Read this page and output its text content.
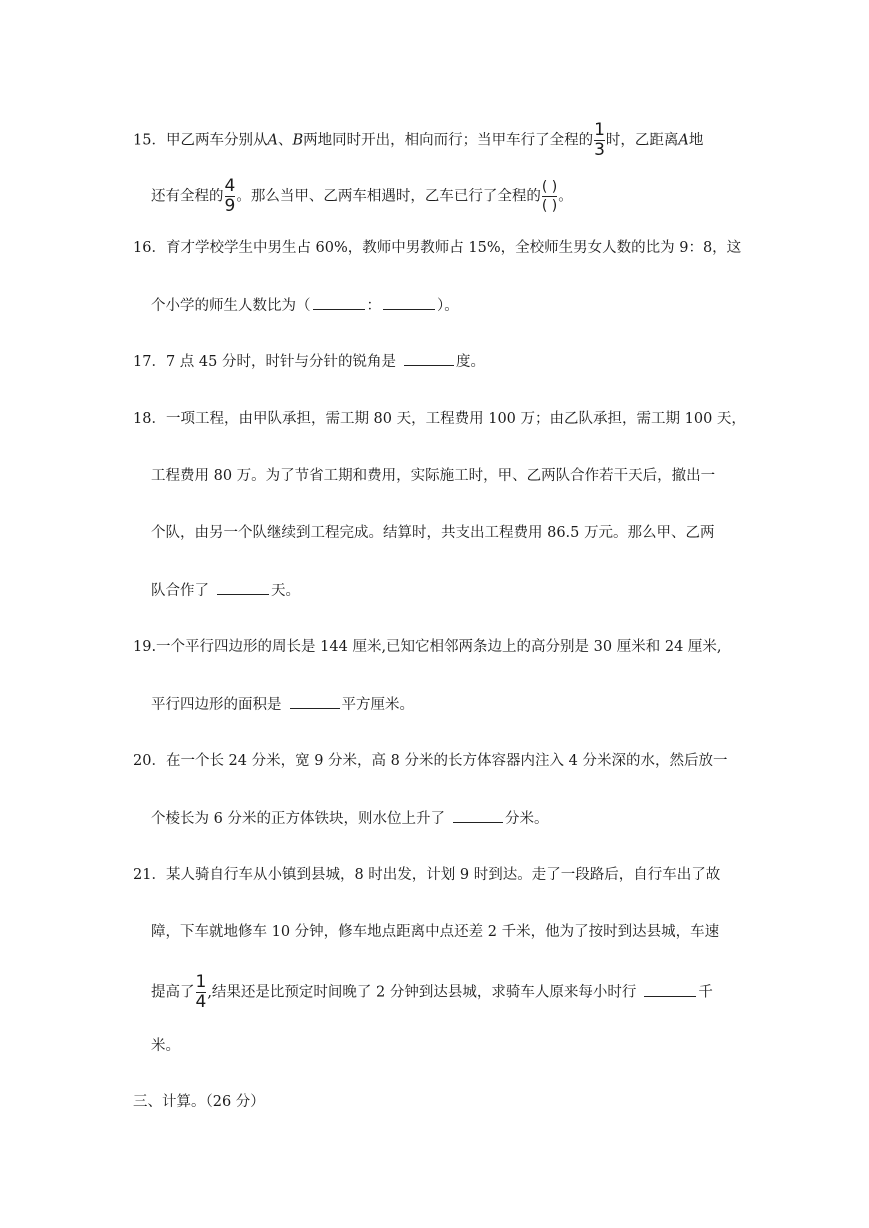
15．甲乙两车分别从A、B两地同时开出，相向而行；当甲车行了全程的 $\frac{1}{3}$ 时，乙距离A地
还有全程的 $\frac{4}{9}$ 。那么当甲、乙两车相遇时，乙车已行了全程的 $\frac{( )}{( )}$ 。
16．育才学校学生中男生占 60%，教师中男教师占 15%，全校师生男女人数的比为 9：8，这
个小学的师生人数比为（	：	）。
17．7 点 45 分时，时针与分针的锐角是	度。
18．一项工程，由甲队承担，需工期 80 天，工程费用 100 万；由乙队承担，需工期 100 天，
工程费用 80 万。为了节省工期和费用，实际施工时，甲、乙两队合作若干天后，撤出一
个队，由另一个队继续到工程完成。结算时，共支出工程费用 86.5 万元。那么甲、乙两
队合作了	天。
19.一个平行四边形的周长是 144 厘米,已知它相邻两条边上的高分别是 30 厘米和 24 厘米,
平行四边形的面积是	平方厘米。
20．在一个长 24 分米，宽 9 分米，高 8 分米的长方体容器内注入 4 分米深的水，然后放一
个棱长为 6 分米的正方体铁块，则水位上升了	分米。
21．某人骑自行车从小镇到县城，8 时出发，计划 9 时到达。走了一段路后，自行车出了故
障，下车就地修车 10 分钟，修车地点距离中点还差 2 千米，他为了按时到达县城，车速
提高了 $\frac{1}{4}$ ,结果还是比预定时间晚了 2 分钟到达县城，求骑车人原来每小时行	千
米。
三、计算。（26 分）
